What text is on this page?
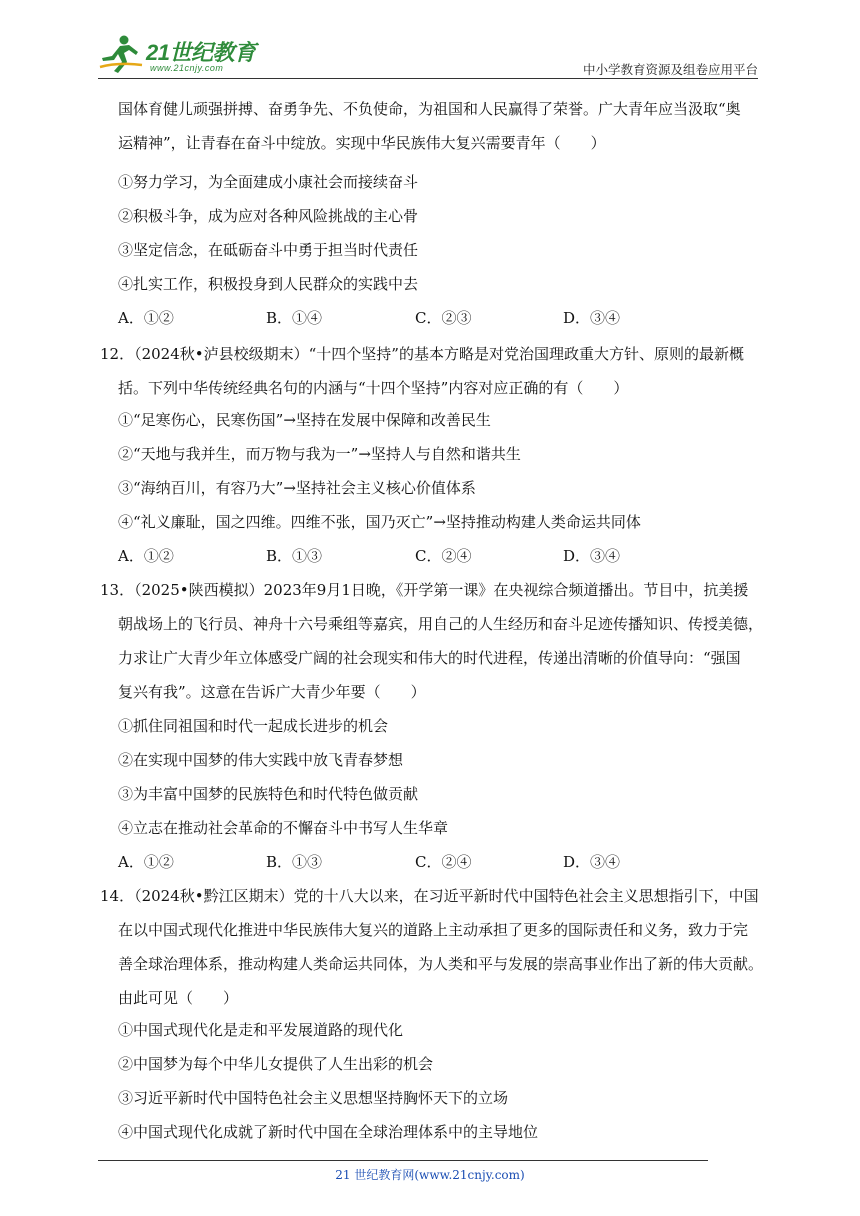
21世纪教育
www.21cnjy.com	中小学教育资源及组卷应用平台
国体育健儿顽强拼搏、奋勇争先、不负使命，为祖国和人民赢得了荣誉。广大青年应当汲取“奥
运精神”，让青春在奋斗中绽放。实现中华民族伟大复兴需要青年（　　）
①努力学习，为全面建成小康社会而接续奋斗
②积极斗争，成为应对各种风险挑战的主心骨
③坚定信念，在砥砺奋斗中勇于担当时代责任
④扎实工作，积极投身到人民群众的实践中去
A．①②	B．①④	C．②③	D．③④
12．（2024秋•泸县校级期末）“十四个坚持”的基本方略是对党治国理政重大方针、原则的最新概
括。下列中华传统经典名句的内涵与“十四个坚持”内容对应正确的有（　　）
①“足寒伤心，民寒伤国”→坚持在发展中保障和改善民生
②“天地与我并生，而万物与我为一”→坚持人与自然和谐共生
③“海纳百川，有容乃大”→坚持社会主义核心价值体系
④“礼义廉耻，国之四维。四维不张，国乃灭亡”→坚持推动构建人类命运共同体
A．①②	B．①③	C．②④	D．③④
13．（2025•陕西模拟）2023年9月1日晚，《开学第一课》在央视综合频道播出。节目中，抗美援
朝战场上的飞行员、神舟十六号乘组等嘉宾，用自己的人生经历和奋斗足迹传播知识、传授美德，
力求让广大青少年立体感受广阔的社会现实和伟大的时代进程，传递出清晰的价值导向：“强国
复兴有我”。这意在告诉广大青少年要（　　）
①抓住同祖国和时代一起成长进步的机会
②在实现中国梦的伟大实践中放飞青春梦想
③为丰富中国梦的民族特色和时代特色做贡献
④立志在推动社会革命的不懈奋斗中书写人生华章
A．①②	B．①③	C．②④	D．③④
14．（2024秋•黔江区期末）党的十八大以来，在习近平新时代中国特色社会主义思想指引下，中国
在以中国式现代化推进中华民族伟大复兴的道路上主动承担了更多的国际责任和义务，致力于完
善全球治理体系，推动构建人类命运共同体，为人类和平与发展的崇高事业作出了新的伟大贡献。
由此可见（　　）
①中国式现代化是走和平发展道路的现代化
②中国梦为每个中华儿女提供了人生出彩的机会
③习近平新时代中国特色社会主义思想坚持胸怀天下的立场
④中国式现代化成就了新时代中国在全球治理体系中的主导地位
21 世纪教育网(www.21cnjy.com)
